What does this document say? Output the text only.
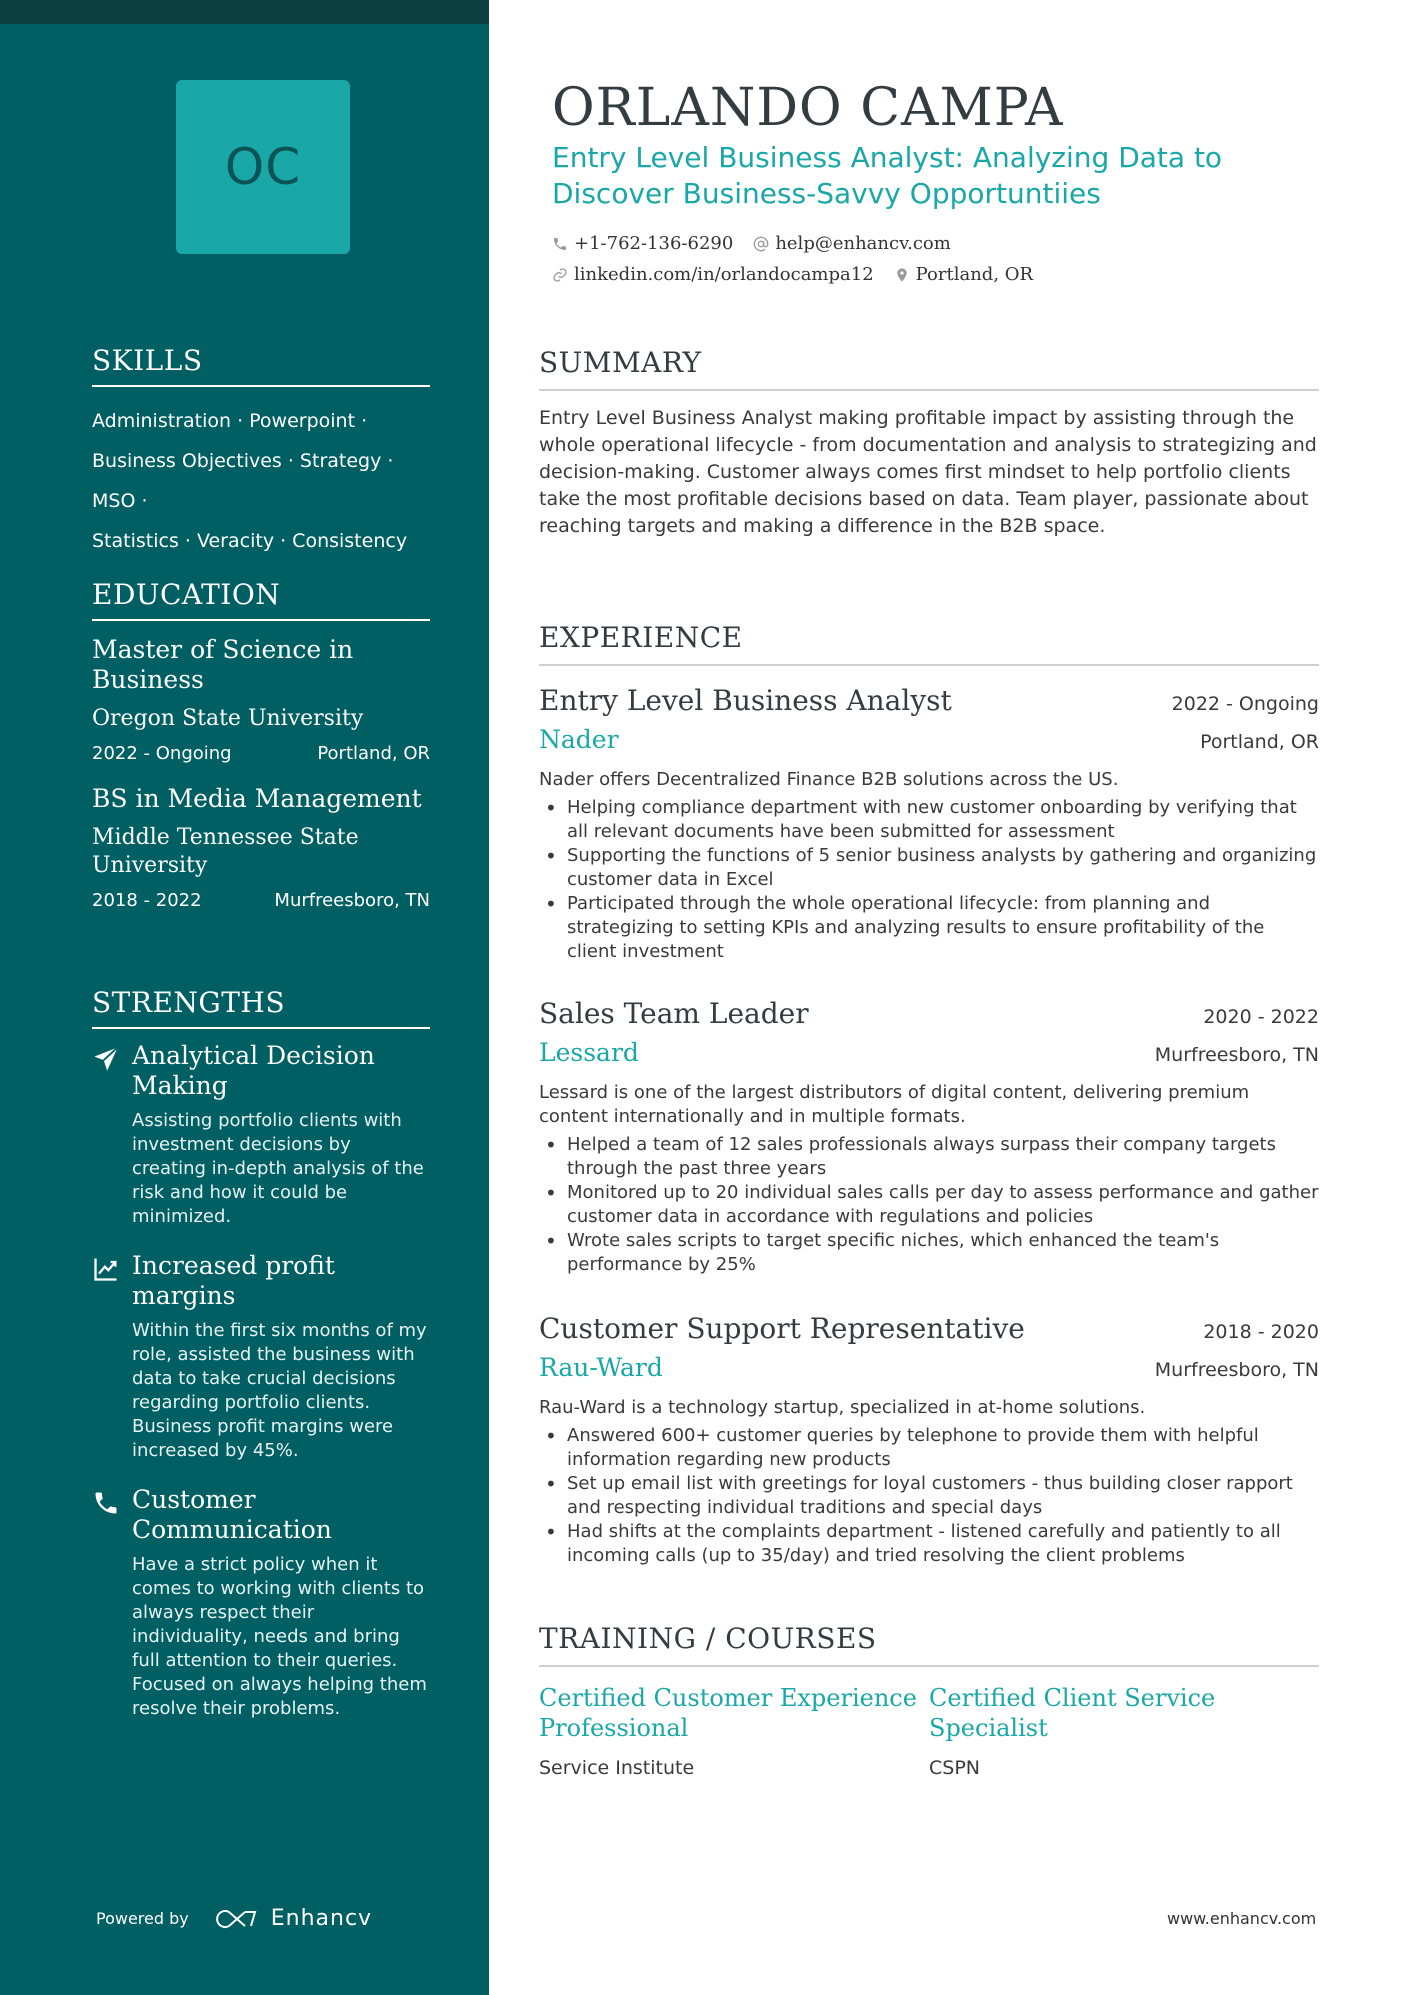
OC
SKILLS
Administration · Powerpoint ·
Business Objectives · Strategy · MSO ·
Statistics · Veracity · Consistency
EDUCATION
Master of Science in Business
Oregon State University
2022 - Ongoing	Portland, OR
BS in Media Management
Middle Tennessee State University
2018 - 2022	Murfreesboro, TN
STRENGTHS
Analytical Decision Making
Assisting portfolio clients with investment decisions by creating in-depth analysis of the risk and how it could be minimized.
Increased profit margins
Within the first six months of my role, assisted the business with data to take crucial decisions regarding portfolio clients. Business profit margins were increased by 45%.
Customer Communication
Have a strict policy when it comes to working with clients to always respect their individuality, needs and bring full attention to their queries. Focused on always helping them resolve their problems.
Powered by	Enhancv
ORLANDO CAMPA
Entry Level Business Analyst: Analyzing Data to Discover Business-Savvy Opportuntiies
+1-762-136-6290 help@enhancv.com
linkedin.com/in/orlandocampa12 Portland, OR
SUMMARY
Entry Level Business Analyst making profitable impact by assisting through the whole operational lifecycle - from documentation and analysis to strategizing and decision-making. Customer always comes first mindset to help portfolio clients take the most profitable decisions based on data. Team player, passionate about reaching targets and making a difference in the B2B space.
EXPERIENCE
Entry Level Business Analyst	2022 - Ongoing
Nader	Portland, OR
Nader offers Decentralized Finance B2B solutions across the US.
• Helping compliance department with new customer onboarding by verifying that all relevant documents have been submitted for assessment
• Supporting the functions of 5 senior business analysts by gathering and organizing customer data in Excel
• Participated through the whole operational lifecycle: from planning and strategizing to setting KPIs and analyzing results to ensure profitability of the client investment
Sales Team Leader	2020 - 2022
Lessard	Murfreesboro, TN
Lessard is one of the largest distributors of digital content, delivering premium content internationally and in multiple formats.
• Helped a team of 12 sales professionals always surpass their company targets through the past three years
• Monitored up to 20 individual sales calls per day to assess performance and gather customer data in accordance with regulations and policies
• Wrote sales scripts to target specific niches, which enhanced the team's performance by 25%
Customer Support Representative	2018 - 2020
Rau-Ward	Murfreesboro, TN
Rau-Ward is a technology startup, specialized in at-home solutions.
• Answered 600+ customer queries by telephone to provide them with helpful information regarding new products
• Set up email list with greetings for loyal customers - thus building closer rapport and respecting individual traditions and special days
• Had shifts at the complaints department - listened carefully and patiently to all incoming calls (up to 35/day) and tried resolving the client problems
TRAINING / COURSES
Certified Customer Experience Professional
Service Institute
Certified Client Service Specialist
CSPN
www.enhancv.com
